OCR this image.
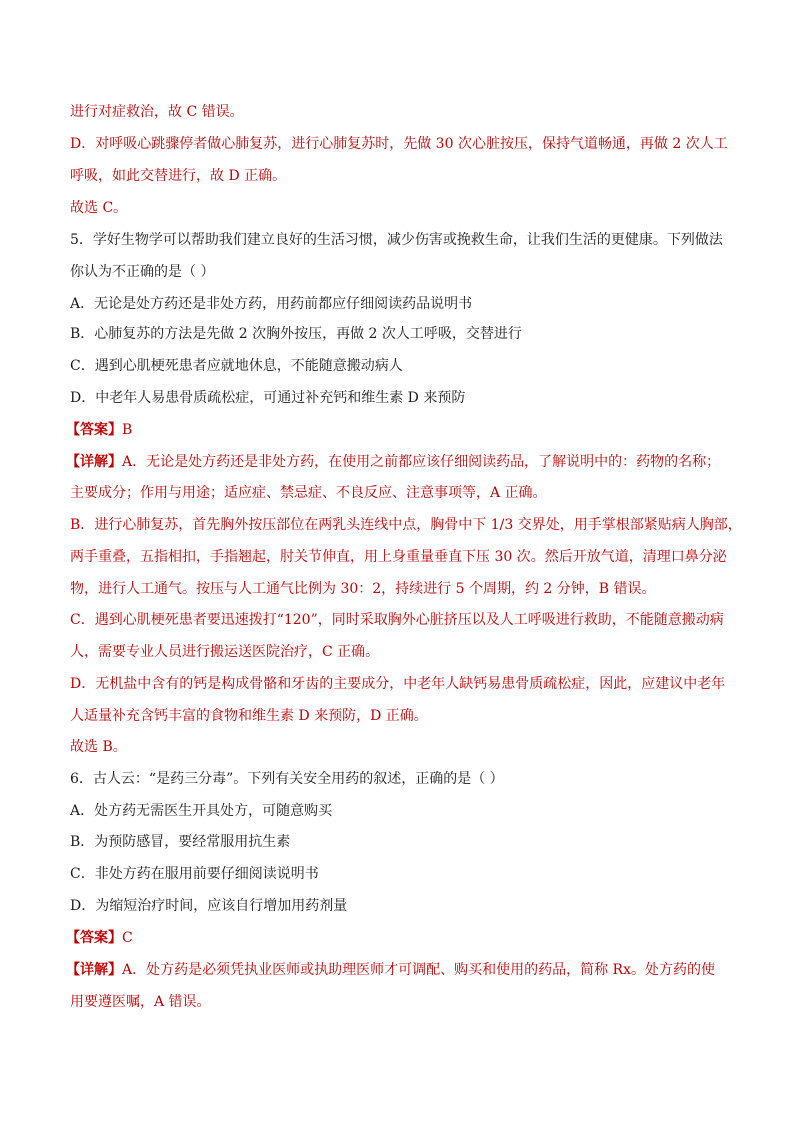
进行对症救治，故 C 错误。
D．对呼吸心跳骤停者做心肺复苏，进行心肺复苏时，先做 30 次心脏按压，保持气道畅通，再做 2 次人工
呼吸，如此交替进行，故 D 正确。
故选 C。
5．学好生物学可以帮助我们建立良好的生活习惯，减少伤害或挽救生命，让我们生活的更健康。下列做法
你认为不正确的是（ ）
A．无论是处方药还是非处方药，用药前都应仔细阅读药品说明书
B．心肺复苏的方法是先做 2 次胸外按压，再做 2 次人工呼吸，交替进行
C．遇到心肌梗死患者应就地休息，不能随意搬动病人
D．中老年人易患骨质疏松症，可通过补充钙和维生素 D 来预防
【答案】B
【详解】A．无论是处方药还是非处方药，在使用之前都应该仔细阅读药品，了解说明中的：药物的名称；
主要成分；作用与用途；适应症、禁忌症、不良反应、注意事项等，A 正确。
B．进行心肺复苏，首先胸外按压部位在两乳头连线中点，胸骨中下 1/3 交界处，用手掌根部紧贴病人胸部，
两手重叠，五指相扣，手指翘起，肘关节伸直，用上身重量垂直下压 30 次。然后开放气道，清理口鼻分泌
物，进行人工通气。按压与人工通气比例为 30：2，持续进行 5 个周期，约 2 分钟，B 错误。
C．遇到心肌梗死患者要迅速拨打“120”，同时采取胸外心脏挤压以及人工呼吸进行救助，不能随意搬动病
人，需要专业人员进行搬运送医院治疗，C 正确。
D．无机盐中含有的钙是构成骨骼和牙齿的主要成分，中老年人缺钙易患骨质疏松症，因此，应建议中老年
人适量补充含钙丰富的食物和维生素 D 来预防，D 正确。
故选 B。
6．古人云：“是药三分毒”。下列有关安全用药的叙述，正确的是（ ）
A．处方药无需医生开具处方，可随意购买
B．为预防感冒，要经常服用抗生素
C．非处方药在服用前要仔细阅读说明书
D．为缩短治疗时间，应该自行增加用药剂量
【答案】C
【详解】A．处方药是必须凭执业医师或执助理医师才可调配、购买和使用的药品，简称 Rx。处方药的使
用要遵医嘱，A 错误。
